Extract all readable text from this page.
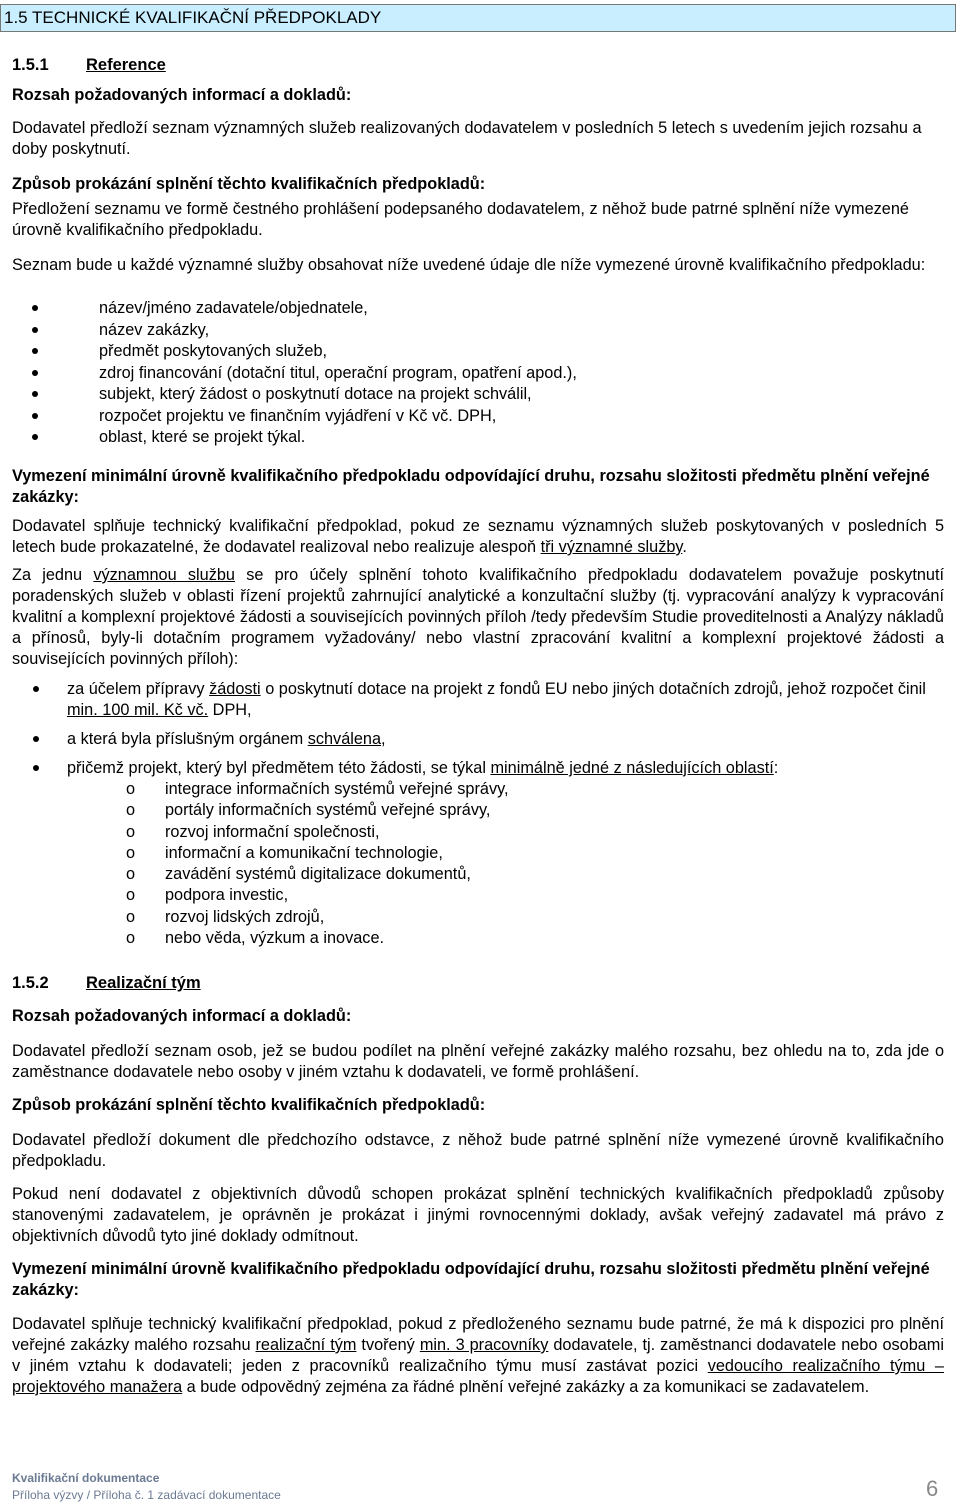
1.5 TECHNICKÉ KVALIFIKAČNÍ PŘEDPOKLADY
1.5.1 Reference
Rozsah požadovaných informací a dokladů:
Dodavatel předloží seznam významných služeb realizovaných dodavatelem v posledních 5 letech s uvedením jejich rozsahu a doby poskytnutí.
Způsob prokázání splnění těchto kvalifikačních předpokladů:
Předložení seznamu ve formě čestného prohlášení podepsaného dodavatelem, z něhož bude patrné splnění níže vymezené úrovně kvalifikačního předpokladu.
Seznam bude u každé významné služby obsahovat níže uvedené údaje dle níže vymezené úrovně kvalifikačního předpokladu:
název/jméno zadavatele/objednatele,
název zakázky,
předmět poskytovaných služeb,
zdroj financování (dotační titul, operační program, opatření apod.),
subjekt, který žádost o poskytnutí dotace na projekt schválil,
rozpočet projektu ve finančním vyjádření v Kč vč. DPH,
oblast, které se projekt týkal.
Vymezení minimální úrovně kvalifikačního předpokladu odpovídající druhu, rozsahu složitosti předmětu plnění veřejné zakázky:
Dodavatel splňuje technický kvalifikační předpoklad, pokud ze seznamu významných služeb poskytovaných v posledních 5 letech bude prokazatelné, že dodavatel realizoval nebo realizuje alespoň tři významné služby.
Za jednu významnou službu se pro účely splnění tohoto kvalifikačního předpokladu dodavatelem považuje poskytnutí poradenských služeb v oblasti řízení projektů zahrnující analytické a konzultační služby (tj. vypracování analýzy k vypracování kvalitní a komplexní projektové žádosti a souvisejících povinných příloh /tedy především Studie proveditelnosti a Analýzy nákladů a přínosů, byly-li dotačním programem vyžadovány/ nebo vlastní zpracování kvalitní a komplexní projektové žádosti a souvisejících povinných příloh):
za účelem přípravy žádosti o poskytnutí dotace na projekt z fondů EU nebo jiných dotačních zdrojů, jehož rozpočet činil min. 100 mil. Kč vč. DPH,
a která byla příslušným orgánem schválena,
přičemž projekt, který byl předmětem této žádosti, se týkal minimálně jedné z následujících oblastí:
o integrace informačních systémů veřejné správy,
o portály informačních systémů veřejné správy,
o rozvoj informační společnosti,
o informační a komunikační technologie,
o zavádění systémů digitalizace dokumentů,
o podpora investic,
o rozvoj lidských zdrojů,
o nebo věda, výzkum a inovace.
1.5.2 Realizační tým
Rozsah požadovaných informací a dokladů:
Dodavatel předloží seznam osob, jež se budou podílet na plnění veřejné zakázky malého rozsahu, bez ohledu na to, zda jde o zaměstnance dodavatele nebo osoby v jiném vztahu k dodavateli, ve formě prohlášení.
Způsob prokázání splnění těchto kvalifikačních předpokladů:
Dodavatel předloží dokument dle předchozího odstavce, z něhož bude patrné splnění níže vymezené úrovně kvalifikačního předpokladu.
Pokud není dodavatel z objektivních důvodů schopen prokázat splnění technických kvalifikačních předpokladů způsoby stanovenými zadavatelem, je oprávněn je prokázat i jinými rovnocennými doklady, avšak veřejný zadavatel má právo z objektivních důvodů tyto jiné doklady odmítnout.
Vymezení minimální úrovně kvalifikačního předpokladu odpovídající druhu, rozsahu složitosti předmětu plnění veřejné zakázky:
Dodavatel splňuje technický kvalifikační předpoklad, pokud z předloženého seznamu bude patrné, že má k dispozici pro plnění veřejné zakázky malého rozsahu realizační tým tvořený min. 3 pracovníky dodavatele, tj. zaměstnanci dodavatele nebo osobami v jiném vztahu k dodavateli; jeden z pracovníků realizačního týmu musí zastávat pozici vedoucího realizačního týmu – projektového manažera a bude odpovědný zejména za řádné plnění veřejné zakázky a za komunikaci se zadavatelem.
Kvalifikační dokumentace
Příloha výzvy / Příloha č. 1 zadávací dokumentace	6
